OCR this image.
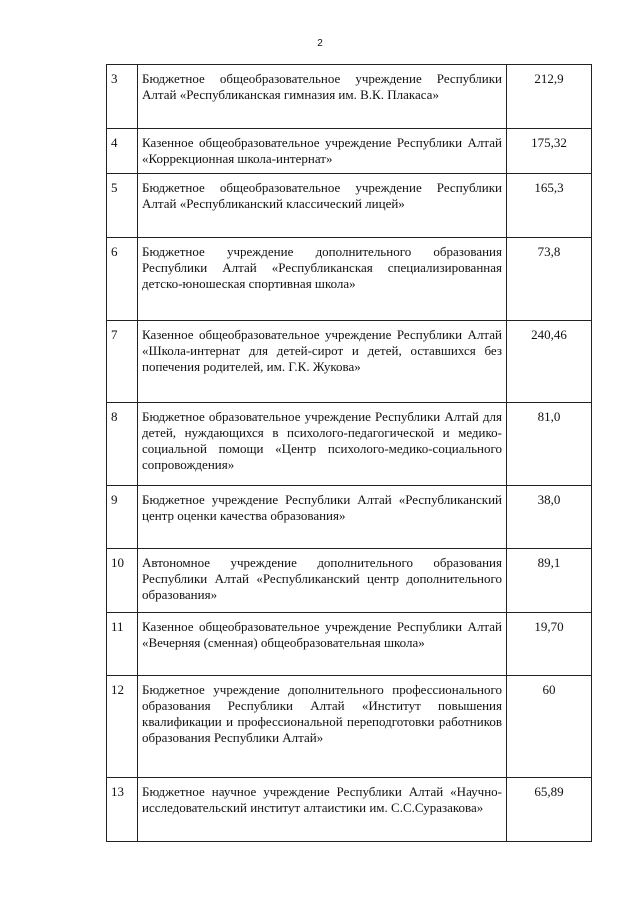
2
3	Бюджетное общеобразовательное учреждение Республики Алтай «Республиканская гимназия им. В.К. Плакаса»	212,9
4	Казенное общеобразовательное учреждение Республики Алтай «Коррекционная школа-интернат»	175,32
5	Бюджетное общеобразовательное учреждение Республики Алтай «Республиканский классический лицей»	165,3
6	Бюджетное учреждение дополнительного образования Республики Алтай «Республиканская специализированная детско-юношеская спортивная школа»	73,8
7	Казенное общеобразовательное учреждение Республики Алтай «Школа-интернат для детей-сирот и детей, оставшихся без попечения родителей, им. Г.К. Жукова»	240,46
8	Бюджетное образовательное учреждение Республики Алтай для детей, нуждающихся в психолого-педагогической и медико-социальной помощи «Центр психолого-медико-социального сопровождения»	81,0
9	Бюджетное учреждение Республики Алтай «Республиканский центр оценки качества образования»	38,0
10	Автономное учреждение дополнительного образования Республики Алтай «Республиканский центр дополнительного образования»	89,1
11	Казенное общеобразовательное учреждение Республики Алтай «Вечерняя (сменная) общеобразовательная школа»	19,70
12	Бюджетное учреждение дополнительного профессионального образования Республики Алтай «Институт повышения квалификации и профессиональной переподготовки работников образования Республики Алтай»	60
13	Бюджетное научное учреждение Республики Алтай «Научно-исследовательский институт алтаистики им. С.С.Суразакова»	65,89
